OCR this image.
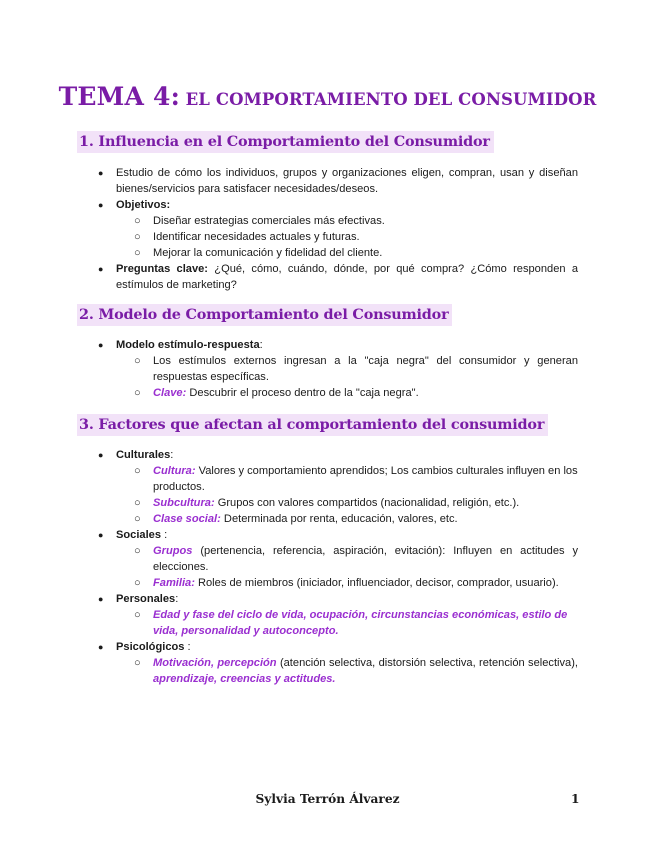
TEMA 4: EL COMPORTAMIENTO DEL CONSUMIDOR
1. Influencia en el Comportamiento del Consumidor
● Estudio de cómo los individuos, grupos y organizaciones eligen, compran, usan y diseñan bienes/servicios para satisfacer necesidades/deseos.
● Objetivos:
○ Diseñar estrategias comerciales más efectivas.
○ Identificar necesidades actuales y futuras.
○ Mejorar la comunicación y fidelidad del cliente.
● Preguntas clave: ¿Qué, cómo, cuándo, dónde, por qué compra? ¿Cómo responden a estímulos de marketing?
2. Modelo de Comportamiento del Consumidor
● Modelo estímulo-respuesta:
○ Los estímulos externos ingresan a la "caja negra" del consumidor y generan respuestas específicas.
○ Clave: Descubrir el proceso dentro de la "caja negra".
3. Factores que afectan al comportamiento del consumidor
● Culturales:
○ Cultura: Valores y comportamiento aprendidos; Los cambios culturales influyen en los productos.
○ Subcultura: Grupos con valores compartidos (nacionalidad, religión, etc.).
○ Clase social: Determinada por renta, educación, valores, etc.
● Sociales :
○ Grupos (pertenencia, referencia, aspiración, evitación): Influyen en actitudes y elecciones.
○ Familia: Roles de miembros (iniciador, influenciador, decisor, comprador, usuario).
● Personales:
○ Edad y fase del ciclo de vida, ocupación, circunstancias económicas, estilo de vida, personalidad y autoconcepto.
● Psicológicos :
○ Motivación, percepción (atención selectiva, distorsión selectiva, retención selectiva), aprendizaje, creencias y actitudes.
Sylvia Terrón Álvarez	1
